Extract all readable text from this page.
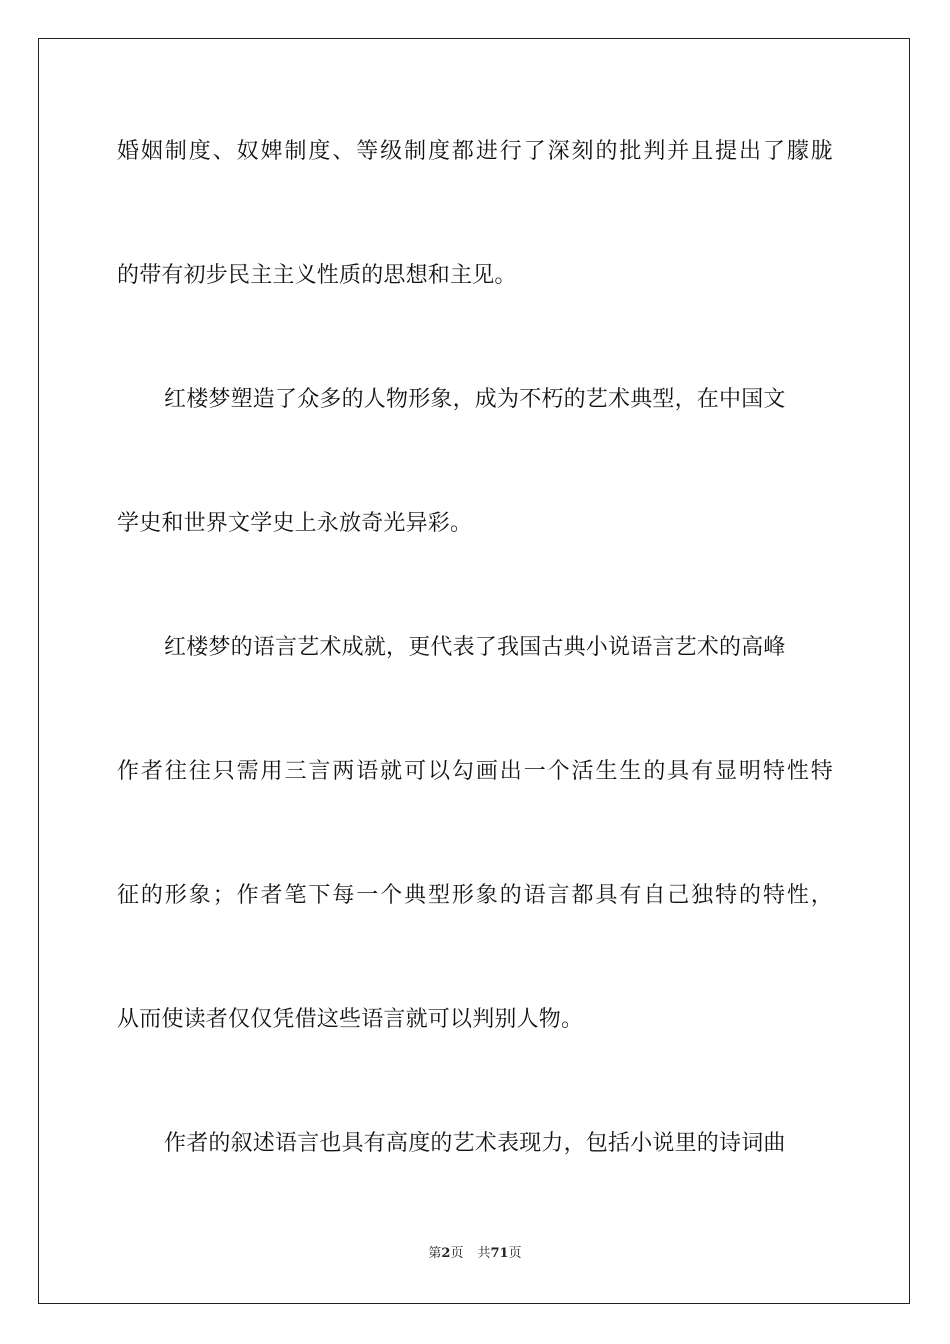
婚姻制度、奴婢制度、等级制度都进行了深刻的批判并且提出了朦胧
的带有初步民主主义性质的思想和主见。
红楼梦塑造了众多的人物形象，成为不朽的艺术典型，在中国文
学史和世界文学史上永放奇光异彩。
红楼梦的语言艺术成就，更代表了我国古典小说语言艺术的高峰
作者往往只需用三言两语就可以勾画出一个活生生的具有显明特性特
征的形象；作者笔下每一个典型形象的语言都具有自己独特的特性，
从而使读者仅仅凭借这些语言就可以判别人物。
作者的叙述语言也具有高度的艺术表现力，包括小说里的诗词曲
第2页 共71页
